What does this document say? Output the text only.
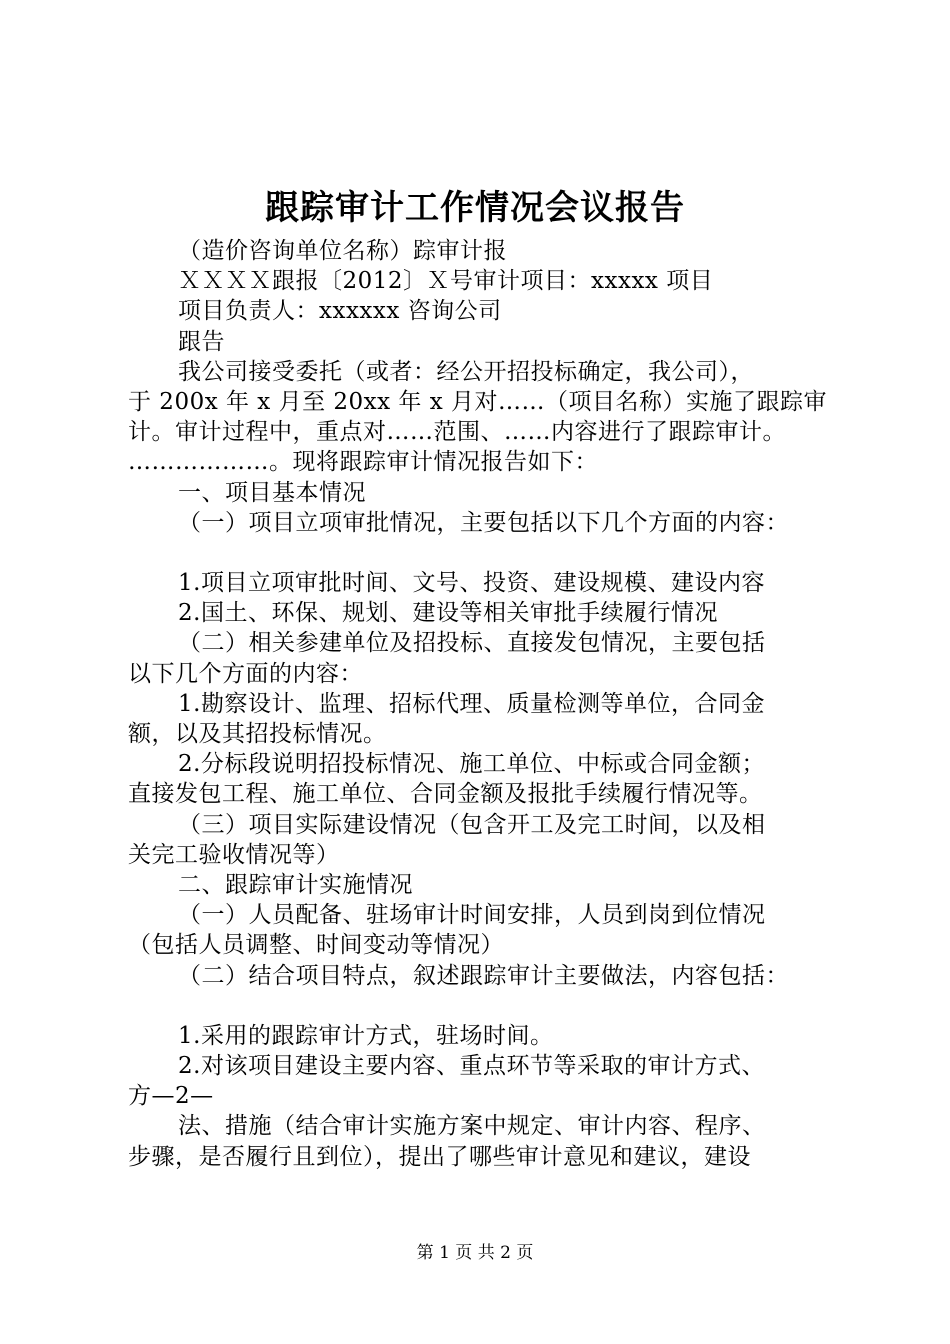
跟踪审计工作情况会议报告
（造价咨询单位名称）踪审计报
ＸＸＸＸ跟报〔2012〕Ｘ号审计项目：xxxxx 项目
项目负责人：xxxxxx 咨询公司
跟告
我公司接受委托（或者：经公开招投标确定，我公司），
于 200x 年 x 月至 20xx 年 x 月对……（项目名称）实施了跟踪审
计。审计过程中，重点对……范围、……内容进行了跟踪审计。
………………。现将跟踪审计情况报告如下：
一、项目基本情况
（一）项目立项审批情况，主要包括以下几个方面的内容：
1.项目立项审批时间、文号、投资、建设规模、建设内容
2.国土、环保、规划、建设等相关审批手续履行情况
（二）相关参建单位及招投标、直接发包情况，主要包括
以下几个方面的内容：
1.勘察设计、监理、招标代理、质量检测等单位，合同金
额，以及其招投标情况。
2.分标段说明招投标情况、施工单位、中标或合同金额；
直接发包工程、施工单位、合同金额及报批手续履行情况等。
（三）项目实际建设情况（包含开工及完工时间，以及相
关完工验收情况等）
二、跟踪审计实施情况
（一）人员配备、驻场审计时间安排，人员到岗到位情况
（包括人员调整、时间变动等情况）
（二）结合项目特点，叙述跟踪审计主要做法，内容包括：
1.采用的跟踪审计方式，驻场时间。
2.对该项目建设主要内容、重点环节等采取的审计方式、
方—2—
法、措施（结合审计实施方案中规定、审计内容、程序、
步骤，是否履行且到位），提出了哪些审计意见和建议，建设
第 1 页 共 2 页
